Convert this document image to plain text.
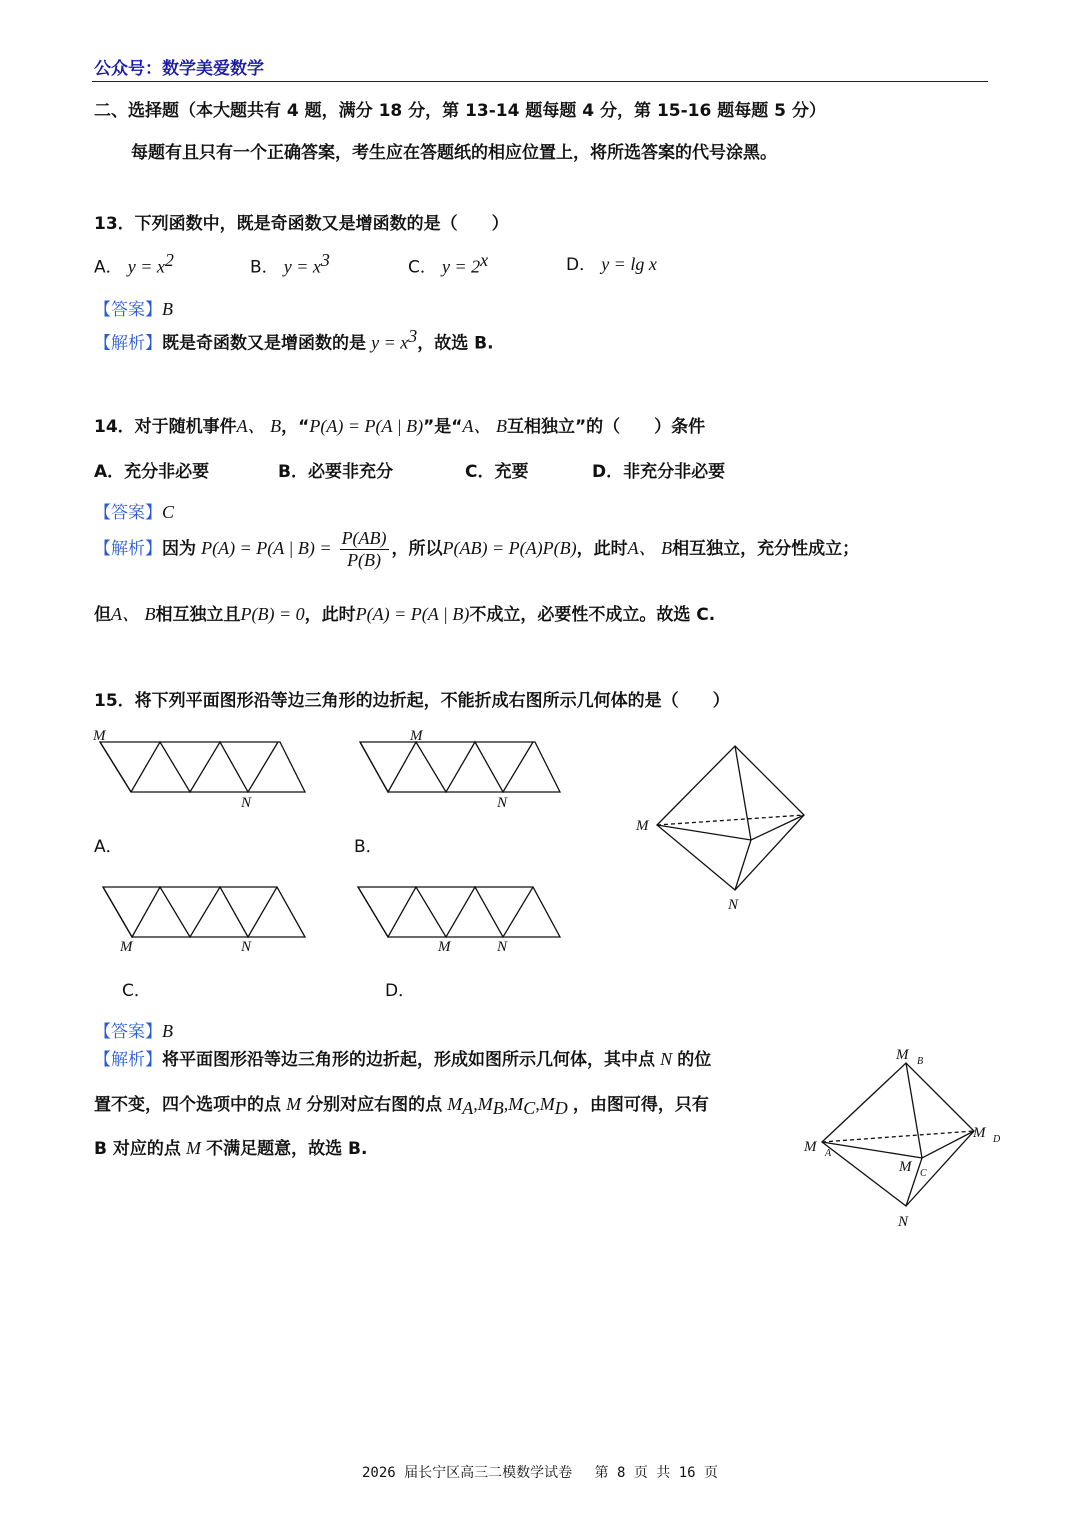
公众号：数学美爱数学
二、选择题（本大题共有 4 题，满分 18 分，第 13-14 题每题 4 分，第 15-16 题每题 5 分）
每题有且只有一个正确答案，考生应在答题纸的相应位置上，将所选答案的代号涂黑。
13．下列函数中，既是奇函数又是增函数的是（　　）
A． $y = x^2$	B． $y = x^3$	C． $y = 2^x$	D． y = lg x
【答案】B
【解析】既是奇函数又是增函数的是 $y = x^3$，故选 B.
14．对于随机事件A、 B，“P(A) = P(A | B)”是“A、 B互相独立”的（　　）条件
A．充分非必要	B．必要非充分	C．充要	D．非充分非必要
【答案】C
【解析】因为 P(A) = P(A | $B) = \frac{P(AB)}{P(B)}$ ，所以P(AB) = P(A)P(B)，此时A、 B相互独立，充分性成立；
但A、 B相互独立且P(B) = 0，此时P(A) = P(A | B)不成立，必要性不成立。故选 C.
15．将下列平面图形沿等边三角形的边折起，不能折成右图所示几何体的是（　　）
M
N
M
N
M	N	M	N
M
N
M B
M A
M D
M C
N
A．	B．
C．	D．
【答案】B
【解析】将平面图形沿等边三角形的边折起，形成如图所示几何体，其中点 N 的位
置不变，四个选项中的点 M 分别对应右图的点 $M_A,M_B,M_C,M_D$ ，由图可得，只有
B 对应的点 M 不满足题意，故选 B.
2026 届长宁区高三二模数学试卷　 第 8 页 共 16 页
